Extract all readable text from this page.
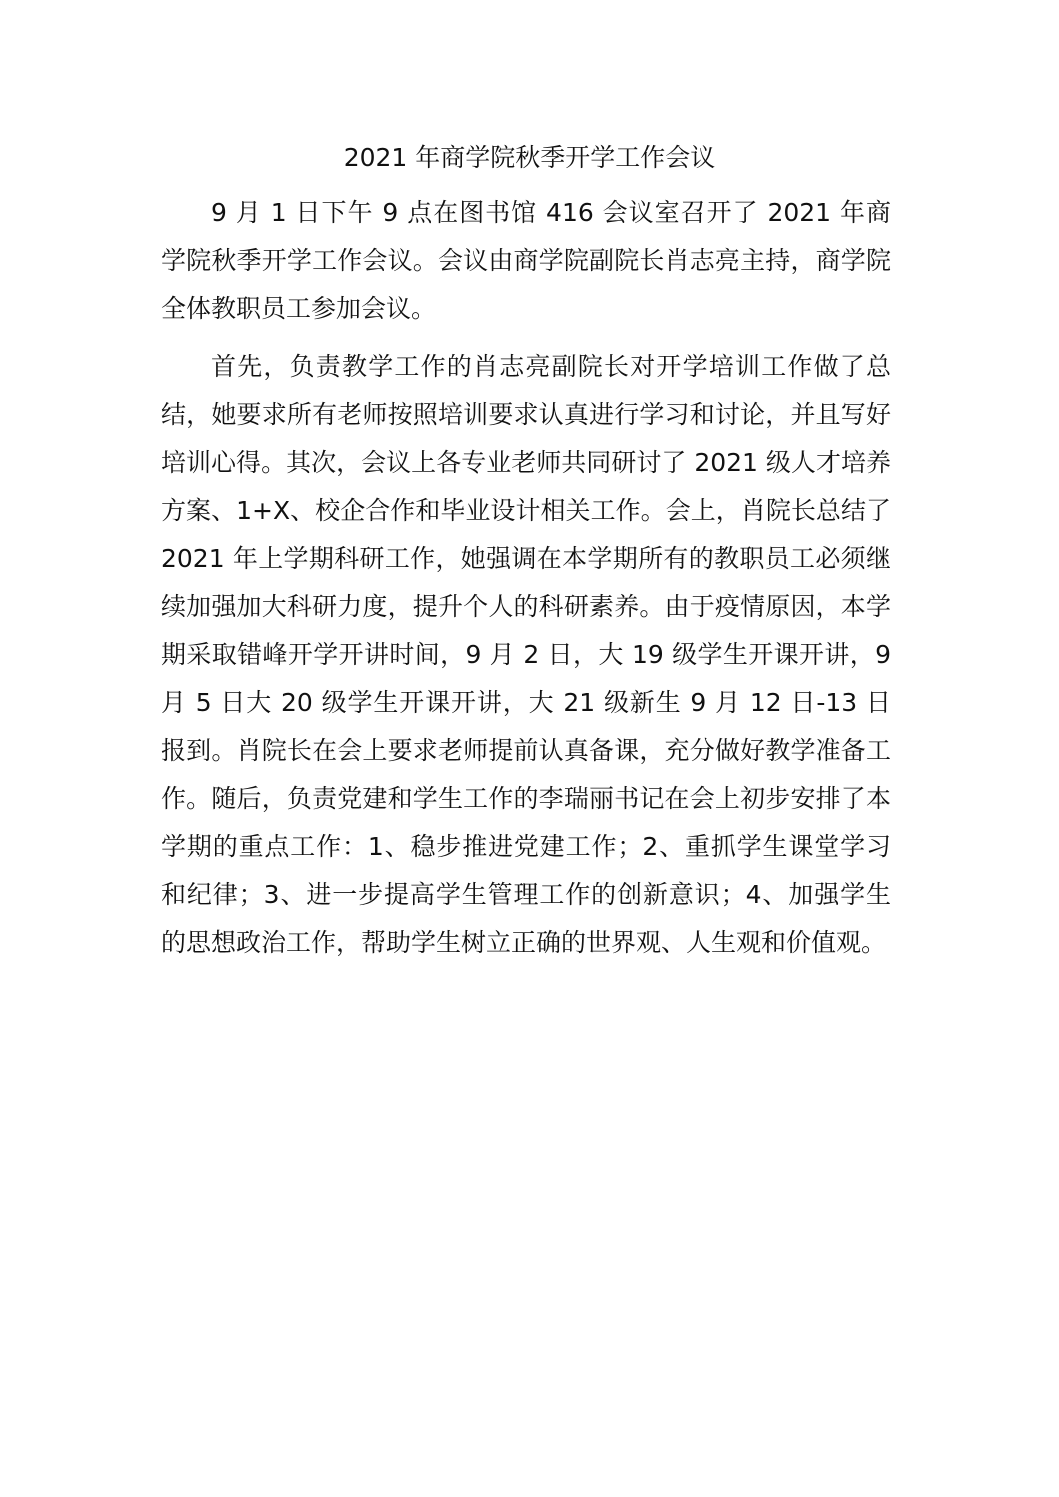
2021 年商学院秋季开学工作会议

9 月 1 日下午 9 点在图书馆 416 会议室召开了 2021 年商学院秋季开学工作会议。会议由商学院副院长肖志亮主持，商学院全体教职员工参加会议。

首先，负责教学工作的肖志亮副院长对开学培训工作做了总结，她要求所有老师按照培训要求认真进行学习和讨论，并且写好培训心得。其次，会议上各专业老师共同研讨了 2021 级人才培养方案、1+X、校企合作和毕业设计相关工作。会上，肖院长总结了 2021 年上学期科研工作，她强调在本学期所有的教职员工必须继续加强加大科研力度，提升个人的科研素养。由于疫情原因，本学期采取错峰开学开讲时间，9 月 2 日，大 19 级学生开课开讲，9 月 5 日大 20 级学生开课开讲，大 21 级新生 9 月 12 日-13 日报到。肖院长在会上要求老师提前认真备课，充分做好教学准备工作。随后，负责党建和学生工作的李瑞丽书记在会上初步安排了本学期的重点工作：1、稳步推进党建工作；2、重抓学生课堂学习和纪律；3、进一步提高学生管理工作的创新意识；4、加强学生的思想政治工作，帮助学生树立正确的世界观、人生观和价值观。
